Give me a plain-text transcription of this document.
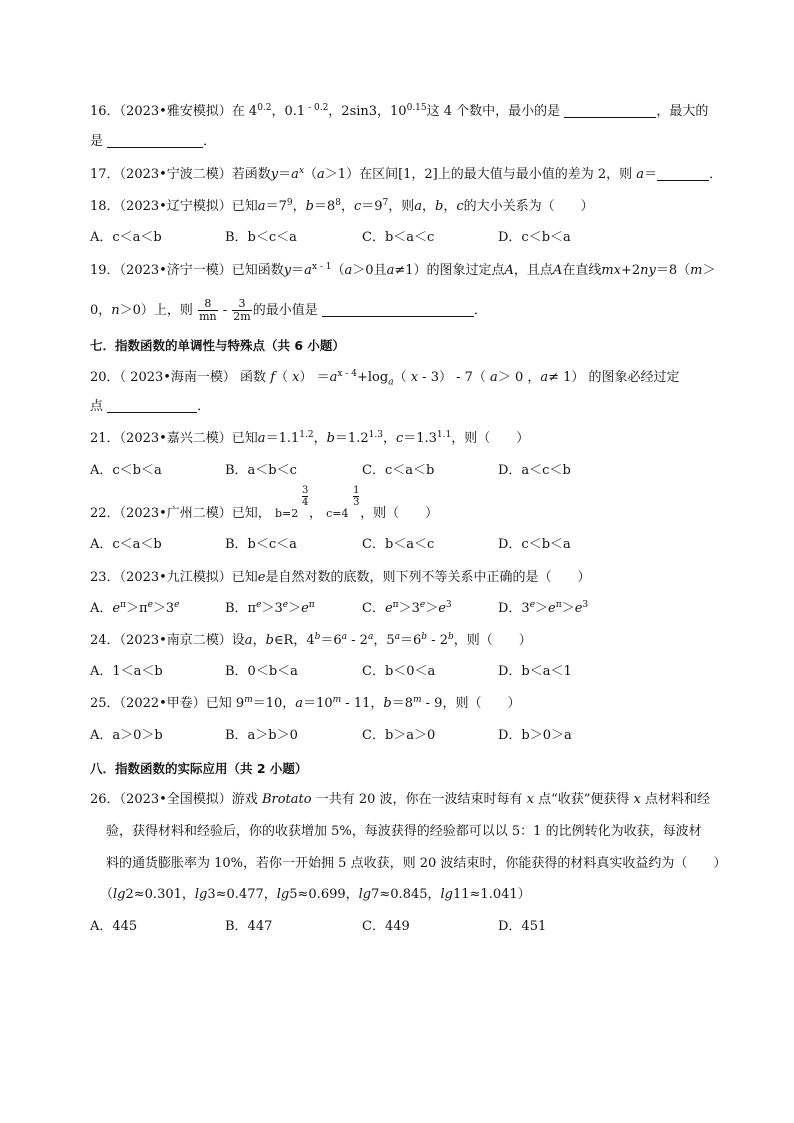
16．（2023•雅安模拟）在 $4^{0.2}$，0.1 $^{- 0.2}$，2sin3，$10^{0.15}$这 4 个数中，最小的是	，最大的
是	．
17．（2023•宁波二模）若函数$y=a^x(a>1)$在区间[1，2]上的最大值与最小值的差为 2，则 a＝	．
18．（2023•辽宁模拟）已知$a=7^9$，$b=8^8$，$c=9^7$，则a，b，c的大小关系为（　　）
A．c＜a＜b	B．b＜c＜a	C．b＜a＜c	D．c＜b＜a
19．（2023•济宁一模）已知函数$y=a^{x - 1}(a>0$且a≠1）的图象过定点A，且点A在直线mx+2ny＝8（m＞
0，n＞0）上，则 $\frac{8}{mn} - \frac{3}{2m}$ 的最小值是	．
七．指数函数的单调性与特殊点（共 6 小题）
20．（ 2023•海南一模） 函数 f（ $x) =a^{x - 4}+\log_a$（ x - 3） - 7（ a＞ 0 ，a≠ 1） 的图象必经过定
点	．
21．（2023•嘉兴二模）已知$a=1.1^{1.2}$，$b=1.2^{1.3}$，$c=1.3^{1.1}$，则（　　）
A．c＜b＜a	B．a＜b＜c	C．c＜a＜b	D．a＜c＜b
22．（2023•广州二模）已知， b=2
3
4
， c=4
1
3
，则（　　）
A．c＜a＜b	B．b＜c＜a	C．b＜a＜c	D．c＜b＜a
23．（2023•九江模拟）已知e是自然对数的底数，则下列不等关系中正确的是（　　）
A．$e^\pi>\pi^e>3^e$	B．$\pi^e>3^e>e^\pi$	C．$e^\pi>3^e>e^3$	D．$3^e>e^\pi>e^3$
24．（2023•南京二模）设a，b∈R，$4^b=6^a - 2^a$，$5^a=6^b - 2^b$，则（　　）
A．1＜a＜b	B．0＜b＜a	C．b＜0＜a	D．b＜a＜1
25．（2022•甲卷）已知 $9^m=10$，$a=10^m - 11$，$b=8^m - 9$，则（　　）
A．a＞0＞b	B．a＞b＞0	C．b＞a＞0	D．b＞0＞a
八．指数函数的实际应用（共 2 小题）
26．（2023•全国模拟）游戏 Brotato 一共有 20 波，你在一波结束时每有 x 点“收获”便获得 x 点材料和经
验，获得材料和经验后，你的收获增加 5%，每波获得的经验都可以以 5：1 的比例转化为收获，每波材
料的通货膨胀率为 10%，若你一开始拥 5 点收获，则 20 波结束时，你能获得的材料真实收益约为（　　）
（lg2≈0.301，lg3≈0.477，lg5≈0.699，lg7≈0.845，lg11≈1.041）
A．445	B．447	C．449	D．451
